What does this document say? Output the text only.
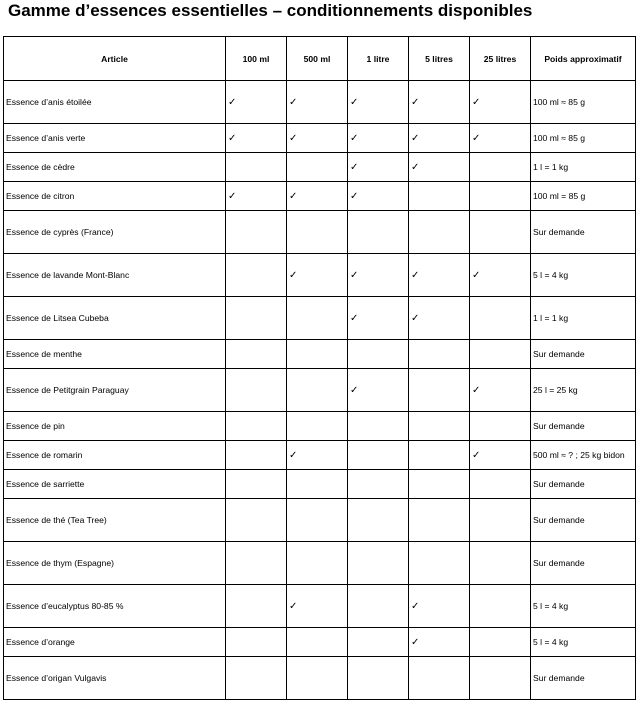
Gamme d’essences essentielles – conditionnements disponibles
Article	100 ml	500 ml	1 litre	5 litres	25 litres	Poids approximatif
Essence d’anis étoilée	✓	✓	✓	✓	✓	100 ml ≈ 85 g
Essence d’anis verte	✓	✓	✓	✓	✓	100 ml ≈ 85 g
Essence de cèdre			✓	✓		1 l = 1 kg
Essence de citron	✓	✓	✓			100 ml = 85 g
Essence de cyprès (France)						Sur demande
Essence de lavande Mont-Blanc		✓	✓	✓	✓	5 l = 4 kg
Essence de Litsea Cubeba			✓	✓		1 l = 1 kg
Essence de menthe						Sur demande
Essence de Petitgrain Paraguay			✓		✓	25 l = 25 kg
Essence de pin						Sur demande
Essence de romarin		✓			✓	500 ml ≈ ? ; 25 kg bidon
Essence de sarriette						Sur demande
Essence de thé (Tea Tree)						Sur demande
Essence de thym (Espagne)						Sur demande
Essence d’eucalyptus 80-85 %		✓		✓		5 l = 4 kg
Essence d’orange				✓		5 l = 4 kg
Essence d’origan Vulgavis						Sur demande
